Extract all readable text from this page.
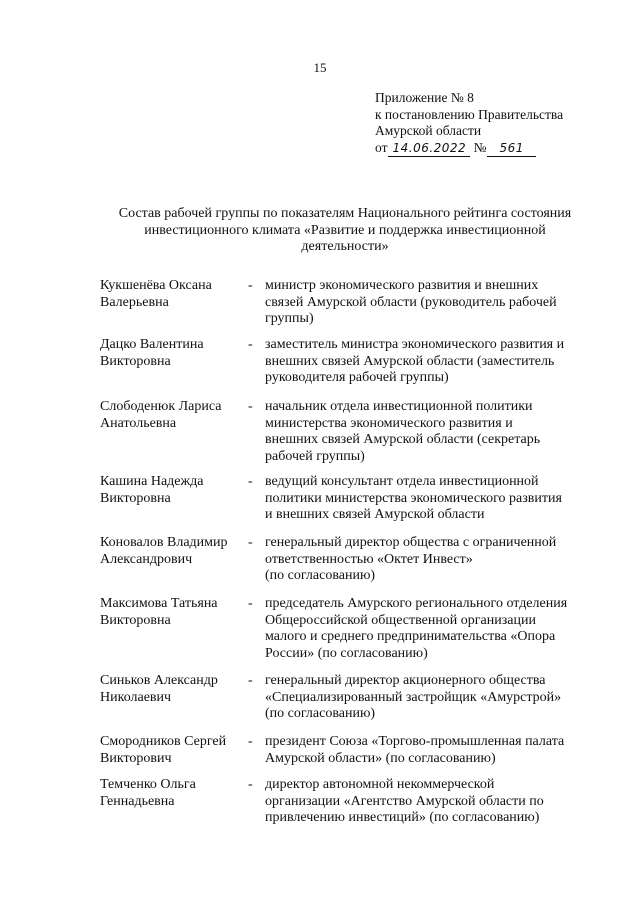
15
Приложение № 8
к постановлению Правительства
Амурской области
от 14.06.2022 № 561
Состав рабочей группы по показателям Национального рейтинга состояния
инвестиционного климата «Развитие и поддержка инвестиционной
деятельности»
Кукшенёва Оксана
Валерьевна
- министр экономического развития и внешних
связей Амурской области (руководитель рабочей
группы)
Дацко Валентина
Викторовна
- заместитель министра экономического развития и
внешних связей Амурской области (заместитель
руководителя рабочей группы)
Слободенюк Лариса
Анатольевна
- начальник отдела инвестиционной политики
министерства экономического развития и
внешних связей Амурской области (секретарь
рабочей группы)
Кашина Надежда
Викторовна
- ведущий консультант отдела инвестиционной
политики министерства экономического развития
и внешних связей Амурской области
Коновалов Владимир
Александрович
- генеральный директор общества с ограниченной
ответственностью «Октет Инвест»
(по согласованию)
Максимова Татьяна
Викторовна
- председатель Амурского регионального отделения
Общероссийской общественной организации
малого и среднего предпринимательства «Опора
России» (по согласованию)
Синьков Александр
Николаевич
- генеральный директор акционерного общества
«Специализированный застройщик «Амурстрой»
(по согласованию)
Смородников Сергей
Викторович
- президент Союза «Торгово-промышленная палата
Амурской области» (по согласованию)
Темченко Ольга
Геннадьевна
- директор автономной некоммерческой
организации «Агентство Амурской области по
привлечению инвестиций» (по согласованию)
